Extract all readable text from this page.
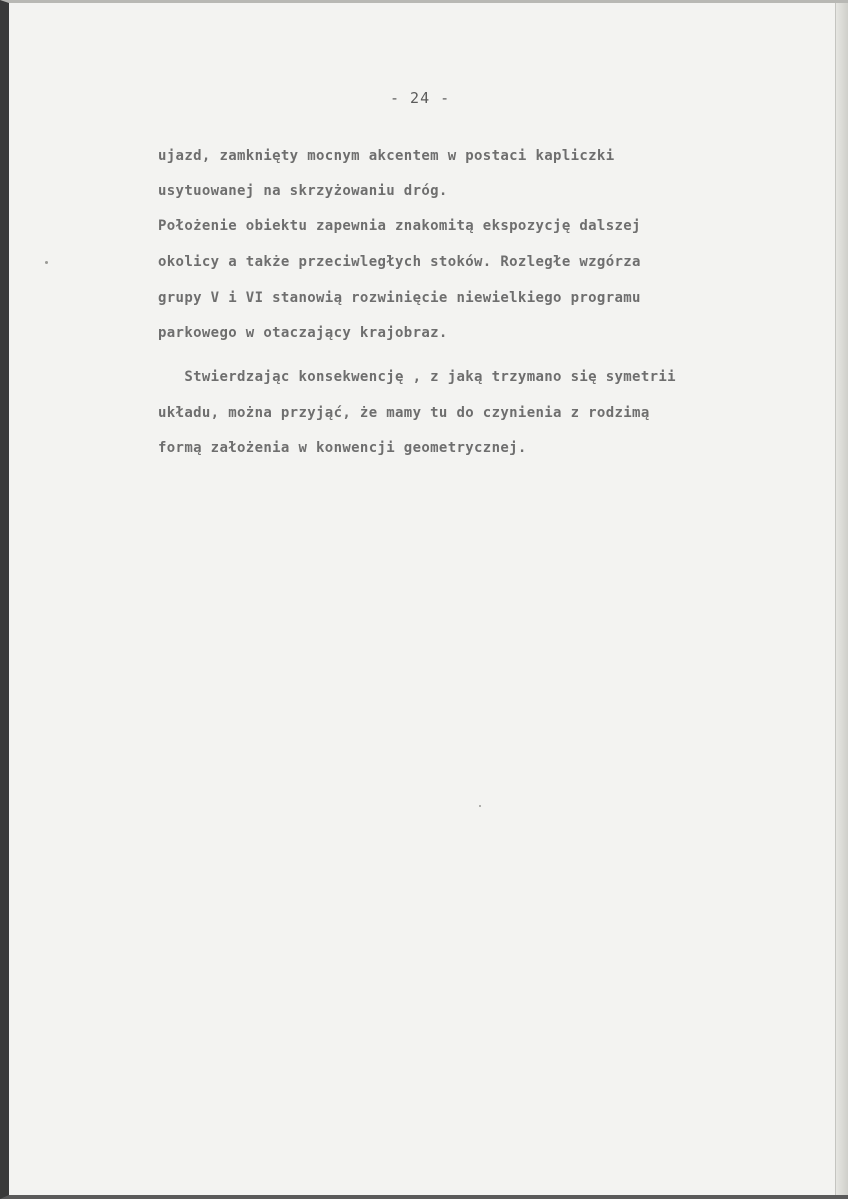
- 24 -
ujazd, zamknięty mocnym akcentem w postaci kapliczki
usytuowanej na skrzyżowaniu dróg.
Położenie obiektu zapewnia znakomitą ekspozycję dalszej
okolicy a także przeciwległych stoków. Rozległe wzgórza
grupy V i VI stanowią rozwinięcie niewielkiego programu
parkowego w otaczający krajobraz.
Stwierdzając konsekwencję , z jaką trzymano się symetrii
układu, można przyjąć, że mamy tu do czynienia z rodzimą
formą założenia w konwencji geometrycznej.
